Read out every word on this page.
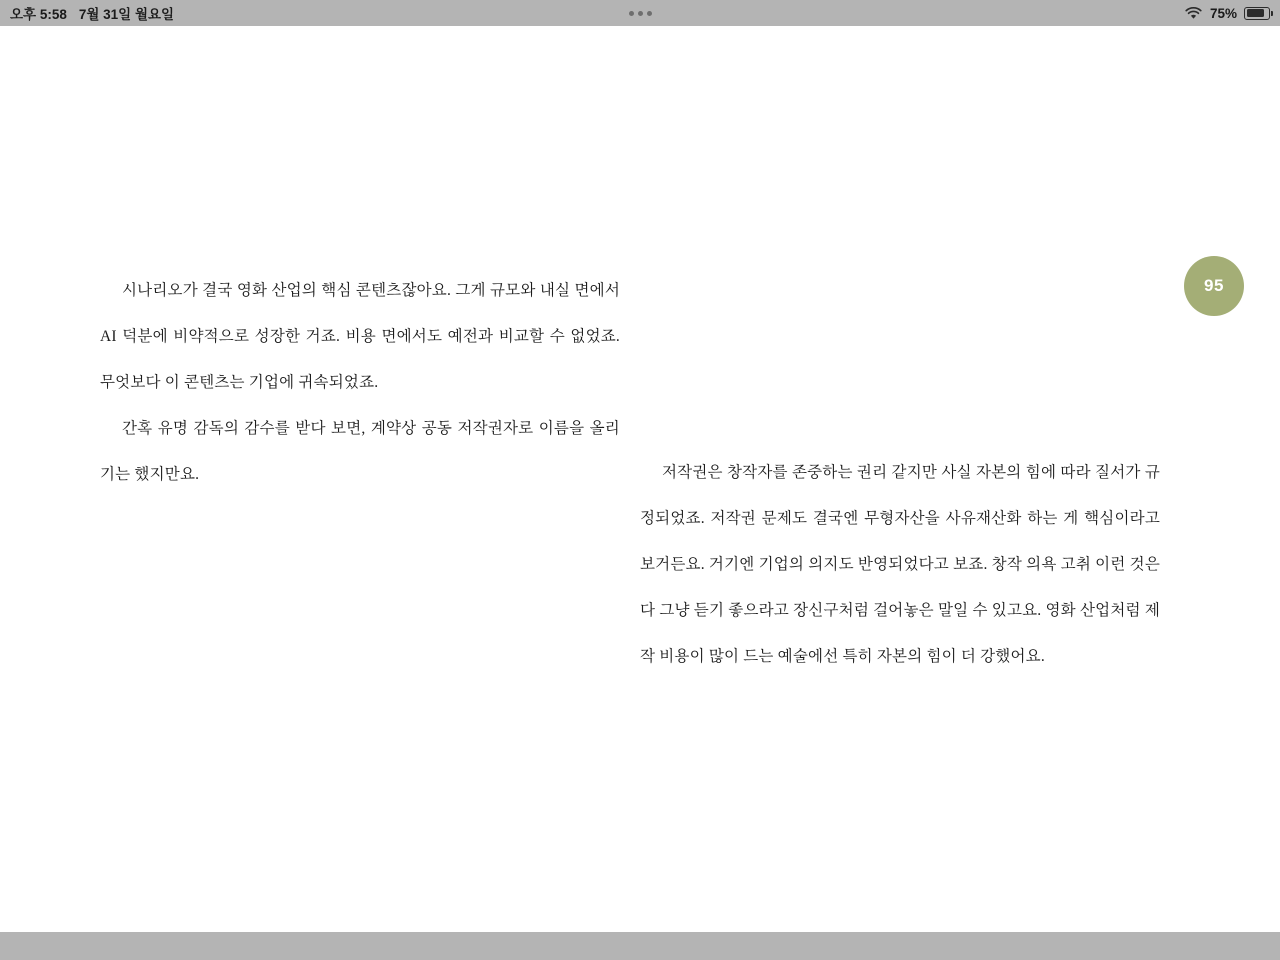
오후 5:58 7월 31일 월요일	75%

시나리오가 결국 영화 산업의 핵심 콘텐츠잖아요. 그게 규모와 내실 면에서 AI 덕분에 비약적으로 성장한 거죠. 비용 면에서도 예전과 비교할 수 없었죠. 무엇보다 이 콘텐츠는 기업에 귀속되었죠.

간혹 유명 감독의 감수를 받다 보면, 계약상 공동 저작권자로 이름을 올리기는 했지만요.	저작권은 창작자를 존중하는 권리 같지만 사실 자본의 힘에 따라 질서가 규정되었죠. 저작권 문제도 결국엔 무형자산을 사유재산화 하는 게 핵심이라고 보거든요. 거기엔 기업의 의지도 반영되었다고 보죠. 창작 의욕 고취 이런 것은 다 그냥 듣기 좋으라고 장신구처럼 걸어놓은 말일 수 있고요. 영화 산업처럼 제작 비용이 많이 드는 예술에선 특히 자본의 힘이 더 강했어요.

95
